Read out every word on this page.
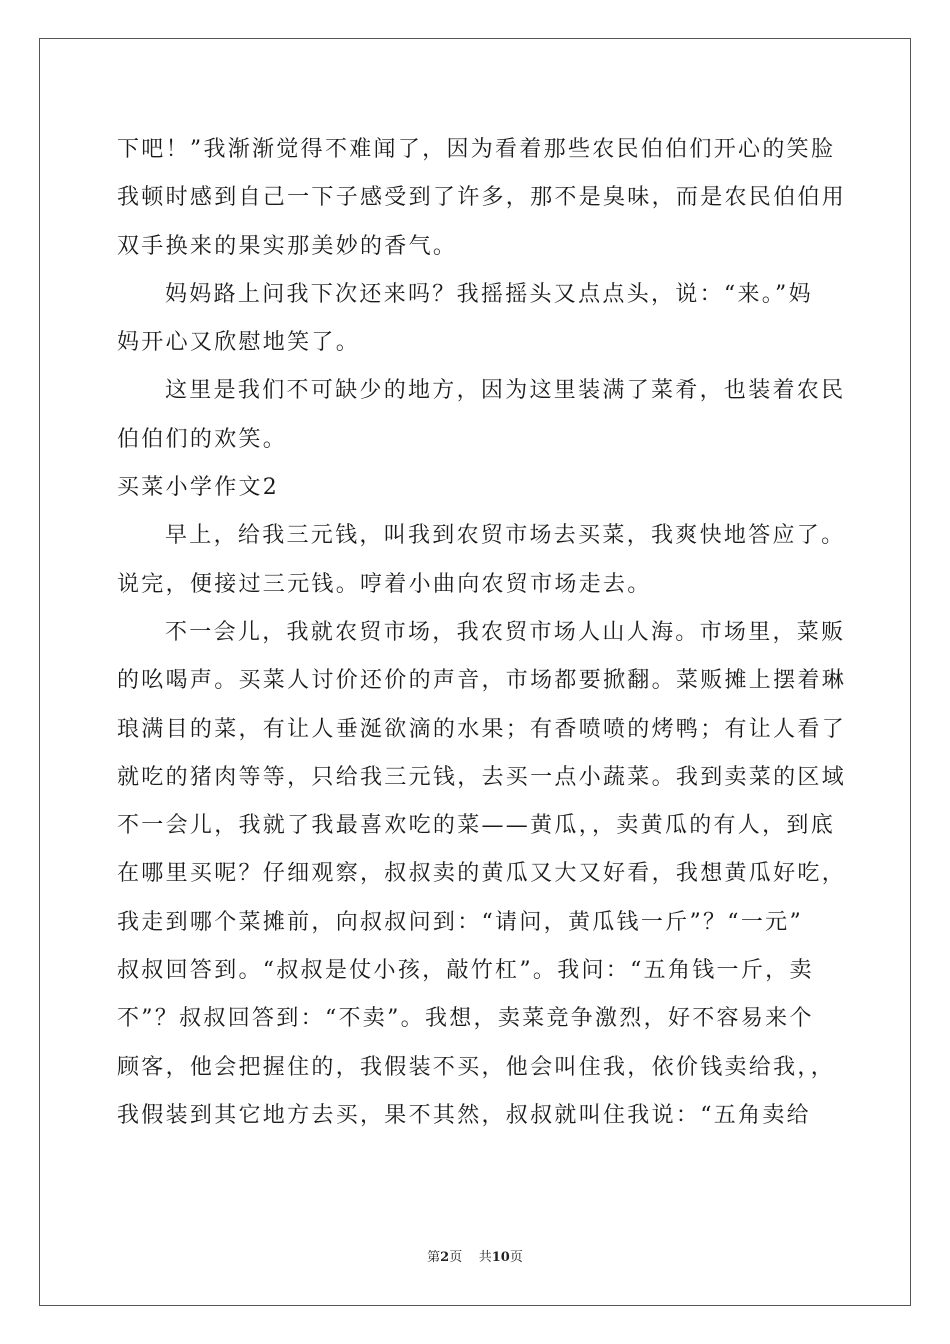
下吧！”我渐渐觉得不难闻了，因为看着那些农民伯伯们开心的笑脸
我顿时感到自己一下子感受到了许多，那不是臭味，而是农民伯伯用
双手换来的果实那美妙的香气。
妈妈路上问我下次还来吗？我摇摇头又点点头，说：“来。”妈
妈开心又欣慰地笑了。
这里是我们不可缺少的地方，因为这里装满了菜肴，也装着农民
伯伯们的欢笑。
买菜小学作文2
早上，给我三元钱，叫我到农贸市场去买菜，我爽快地答应了。
说完，便接过三元钱。哼着小曲向农贸市场走去。
不一会儿，我就农贸市场，我农贸市场人山人海。市场里，菜贩
的吆喝声。买菜人讨价还价的声音，市场都要掀翻。菜贩摊上摆着琳
琅满目的菜，有让人垂涎欲滴的水果；有香喷喷的烤鸭；有让人看了
就吃的猪肉等等，只给我三元钱，去买一点小蔬菜。我到卖菜的区域
不一会儿，我就了我最喜欢吃的菜——黄瓜，，卖黄瓜的有人，到底
在哪里买呢？仔细观察，叔叔卖的黄瓜又大又好看，我想黄瓜好吃，
我走到哪个菜摊前，向叔叔问到：“请问，黄瓜钱一斤”？“一元”
叔叔回答到。“叔叔是仗小孩，敲竹杠”。我问：“五角钱一斤，卖
不”？叔叔回答到：“不卖”。我想，卖菜竞争激烈，好不容易来个
顾客，他会把握住的，我假装不买，他会叫住我，依价钱卖给我，，
我假装到其它地方去买，果不其然，叔叔就叫住我说：“五角卖给
第2页 共10页
